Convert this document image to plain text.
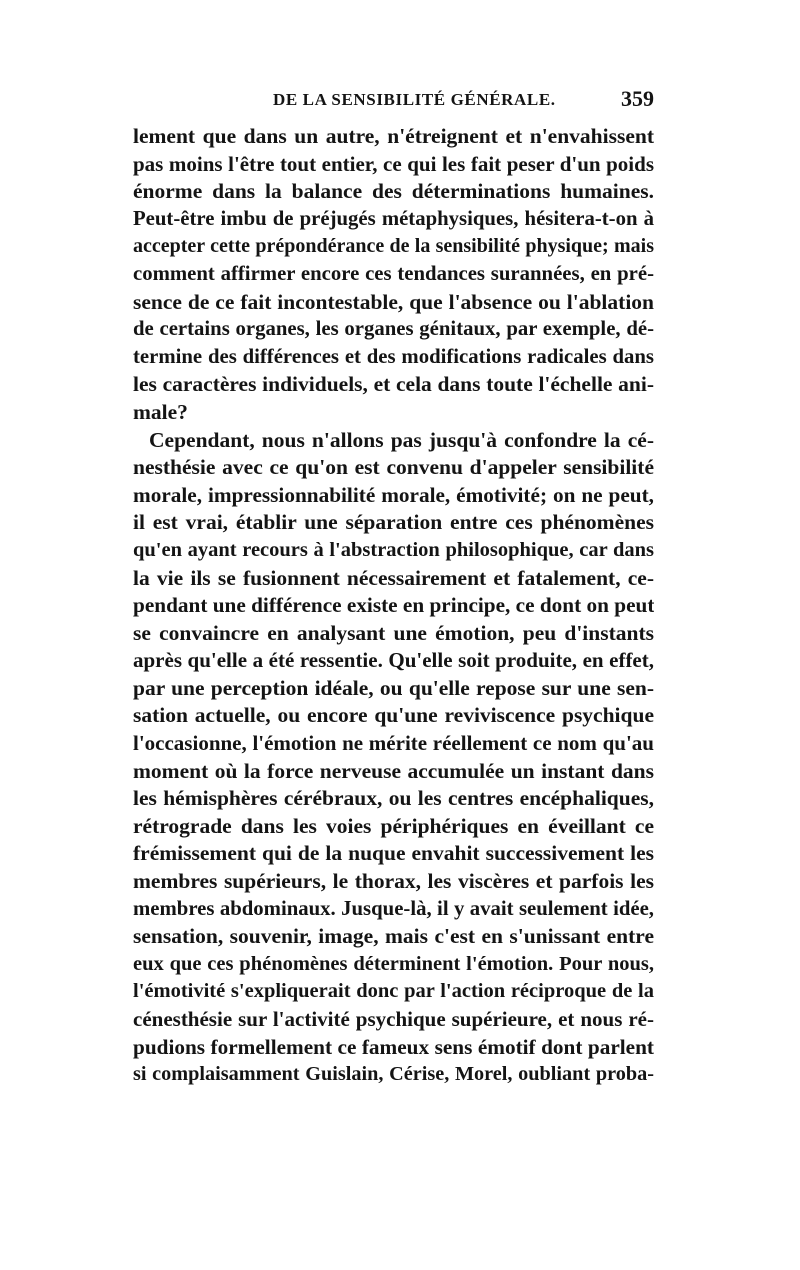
DE LA SENSIBILITÉ GÉNÉRALE.	359
lement que dans un autre, n'étreignent et n'envahissent
pas moins l'être tout entier, ce qui les fait peser d'un poids
énorme dans la balance des déterminations humaines.
Peut-être imbu de préjugés métaphysiques, hésitera-t-on à
accepter cette prépondérance de la sensibilité physique; mais
comment affirmer encore ces tendances surannées, en pré-
sence de ce fait incontestable, que l'absence ou l'ablation
de certains organes, les organes génitaux, par exemple, dé-
termine des différences et des modifications radicales dans
les caractères individuels, et cela dans toute l'échelle ani-
male?
Cependant, nous n'allons pas jusqu'à confondre la cé-
nesthésie avec ce qu'on est convenu d'appeler sensibilité
morale, impressionnabilité morale, émotivité; on ne peut,
il est vrai, établir une séparation entre ces phénomènes
qu'en ayant recours à l'abstraction philosophique, car dans
la vie ils se fusionnent nécessairement et fatalement, ce-
pendant une différence existe en principe, ce dont on peut
se convaincre en analysant une émotion, peu d'instants
après qu'elle a été ressentie. Qu'elle soit produite, en effet,
par une perception idéale, ou qu'elle repose sur une sen-
sation actuelle, ou encore qu'une reviviscence psychique
l'occasionne, l'émotion ne mérite réellement ce nom qu'au
moment où la force nerveuse accumulée un instant dans
les hémisphères cérébraux, ou les centres encéphaliques,
rétrograde dans les voies périphériques en éveillant ce
frémissement qui de la nuque envahit successivement les
membres supérieurs, le thorax, les viscères et parfois les
membres abdominaux. Jusque-là, il y avait seulement idée,
sensation, souvenir, image, mais c'est en s'unissant entre
eux que ces phénomènes déterminent l'émotion. Pour nous,
l'émotivité s'expliquerait donc par l'action réciproque de la
cénesthésie sur l'activité psychique supérieure, et nous ré-
pudions formellement ce fameux sens émotif dont parlent
si complaisamment Guislain, Cérise, Morel, oubliant proba-
